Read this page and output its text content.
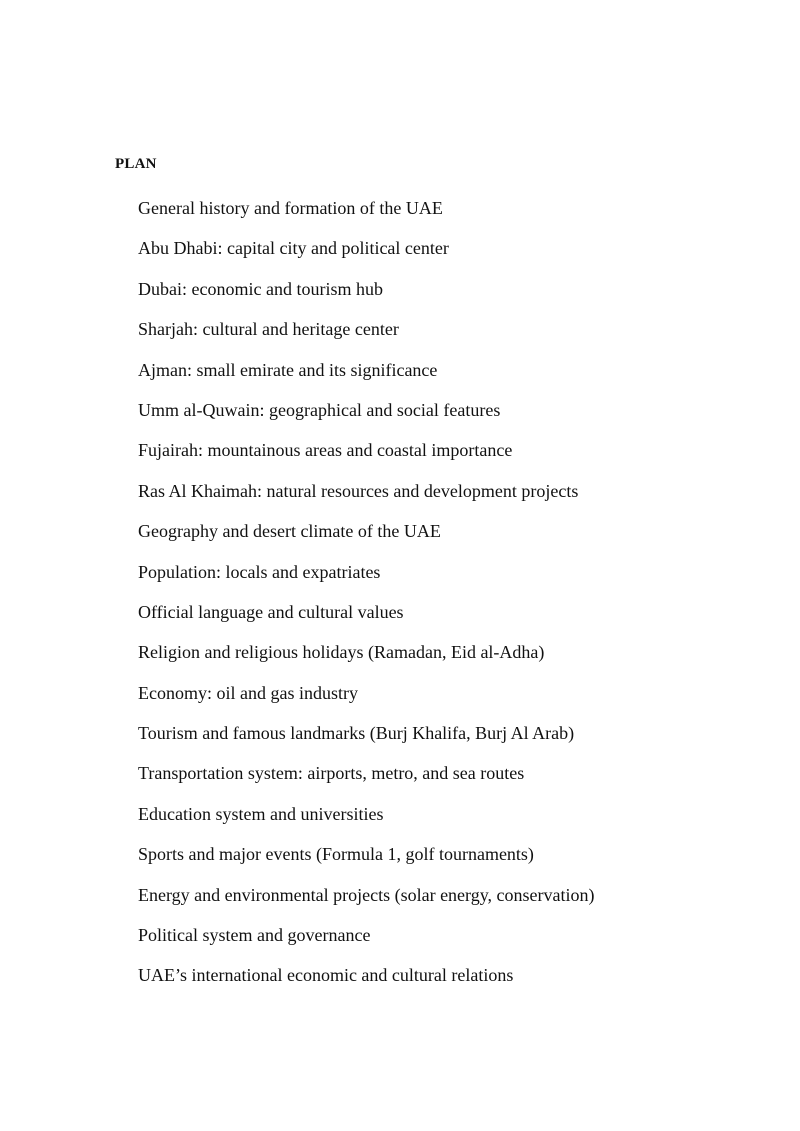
PLAN
General history and formation of the UAE
Abu Dhabi: capital city and political center
Dubai: economic and tourism hub
Sharjah: cultural and heritage center
Ajman: small emirate and its significance
Umm al-Quwain: geographical and social features
Fujairah: mountainous areas and coastal importance
Ras Al Khaimah: natural resources and development projects
Geography and desert climate of the UAE
Population: locals and expatriates
Official language and cultural values
Religion and religious holidays (Ramadan, Eid al-Adha)
Economy: oil and gas industry
Tourism and famous landmarks (Burj Khalifa, Burj Al Arab)
Transportation system: airports, metro, and sea routes
Education system and universities
Sports and major events (Formula 1, golf tournaments)
Energy and environmental projects (solar energy, conservation)
Political system and governance
UAE’s international economic and cultural relations
